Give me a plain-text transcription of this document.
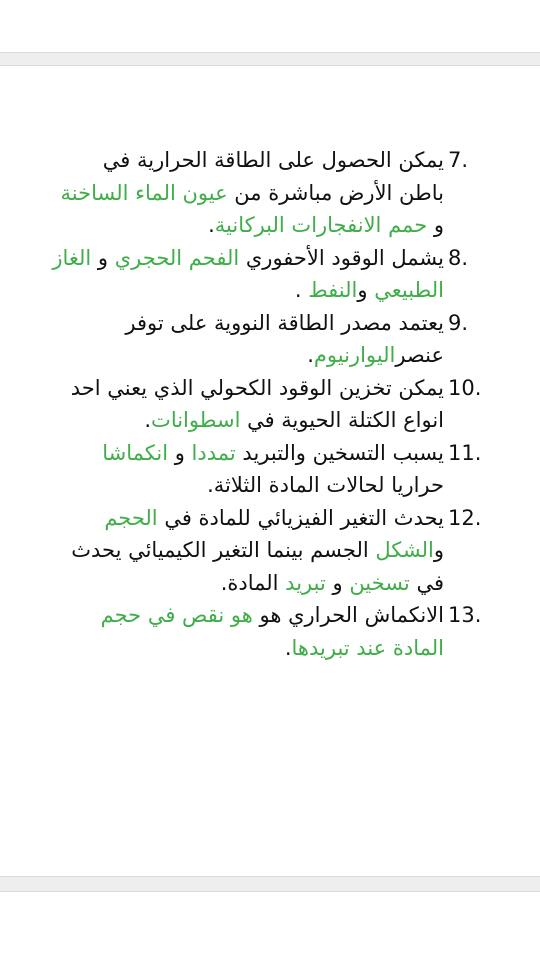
7.
يمكن الحصول على الطاقة الحرارية في باطن الأرض مباشرة من عيون الماء الساخنة و حمم الانفجارات البركانية.
8.
يشمل الوقود الأحفوري الفحم الحجري و الغاز الطبيعي والنفط .
9.
يعتمد مصدر الطاقة النووية على توفر عنصراليوارنيوم.
10.
يمكن تخزين الوقود الكحولي الذي يعني احد انواع الكتلة الحيوية في اسطوانات.
11.
يسبب التسخين والتبريد تمددا و انكماشا حراريا لحالات المادة الثلاثة.
12.
يحدث التغير الفيزيائي للمادة في الحجم والشكل الجسم بينما التغير الكيميائي يحدث في تسخين و تبريد المادة.
13.
الانكماش الحراري هو هو نقص في حجم المادة عند تبريدها.
